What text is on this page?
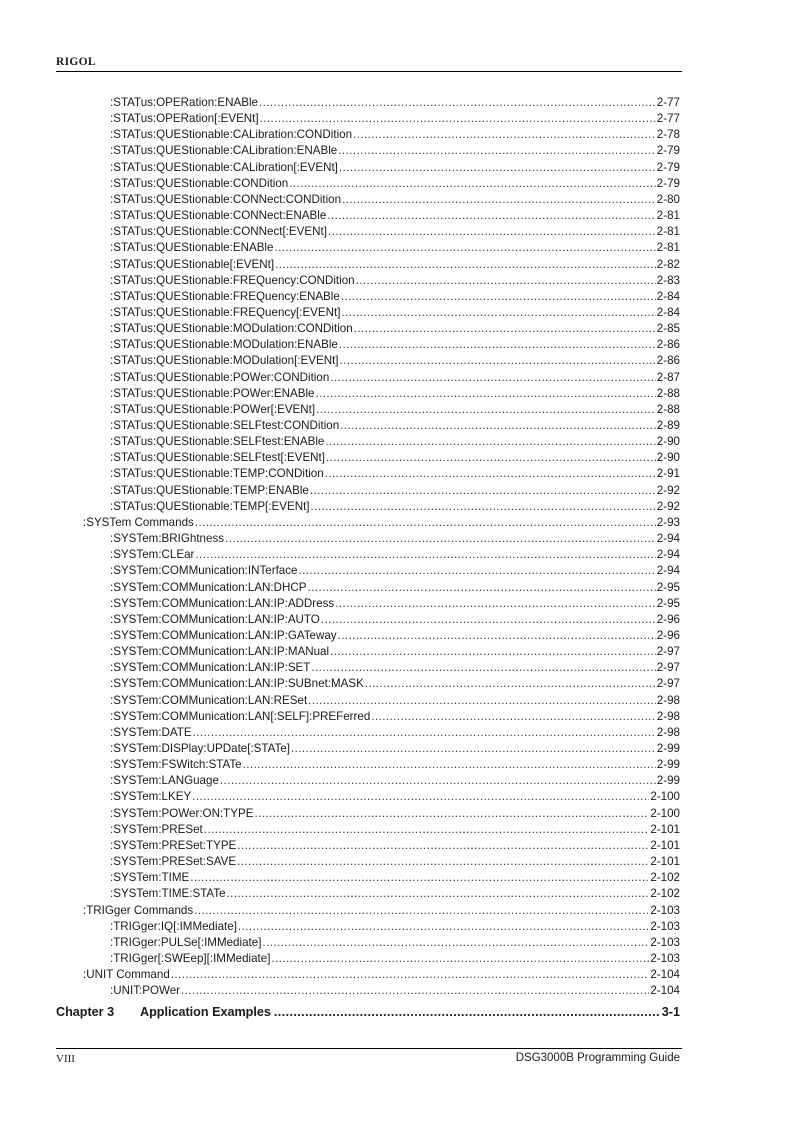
RIGOL
:STATus:OPERation:ENABle . . .	2-77
:STATus:OPERation[:EVENt] . . .	2-77
:STATus:QUEStionable:CALibration:CONDition . . .	2-78
:STATus:QUEStionable:CALibration:ENABle . . .	2-79
:STATus:QUEStionable:CALibration[:EVENt] . . .	2-79
:STATus:QUEStionable:CONDition . . .	2-79
:STATus:QUEStionable:CONNect:CONDition . . .	2-80
:STATus:QUEStionable:CONNect:ENABle . . .	2-81
:STATus:QUEStionable:CONNect[:EVENt] . . .	2-81
:STATus:QUEStionable:ENABle . . .	2-81
:STATus:QUEStionable[:EVENt] . . .	2-82
:STATus:QUEStionable:FREQuency:CONDition . . .	2-83
:STATus:QUEStionable:FREQuency:ENABle . . .	2-84
:STATus:QUEStionable:FREQuency[:EVENt] . . .	2-84
:STATus:QUEStionable:MODulation:CONDition . . .	2-85
:STATus:QUEStionable:MODulation:ENABle . . .	2-86
:STATus:QUEStionable:MODulation[:EVENt] . . .	2-86
:STATus:QUEStionable:POWer:CONDition . . .	2-87
:STATus:QUEStionable:POWer:ENABle . . .	2-88
:STATus:QUEStionable:POWer[:EVENt] . . .	2-88
:STATus:QUEStionable:SELFtest:CONDition . . .	2-89
:STATus:QUEStionable:SELFtest:ENABle . . .	2-90
:STATus:QUEStionable:SELFtest[:EVENt] . . .	2-90
:STATus:QUEStionable:TEMP:CONDition . . .	2-91
:STATus:QUEStionable:TEMP:ENABle . . .	2-92
:STATus:QUEStionable:TEMP[:EVENt] . . .	2-92
:SYSTem Commands . . .	2-93
:SYSTem:BRIGhtness . . .	2-94
:SYSTem:CLEar . . .	2-94
:SYSTem:COMMunication:INTerface . . .	2-94
:SYSTem:COMMunication:LAN:DHCP . . .	2-95
:SYSTem:COMMunication:LAN:IP:ADDress . . .	2-95
:SYSTem:COMMunication:LAN:IP:AUTO . . .	2-96
:SYSTem:COMMunication:LAN:IP:GATeway . . .	2-96
:SYSTem:COMMunication:LAN:IP:MANual . . .	2-97
:SYSTem:COMMunication:LAN:IP:SET . . .	2-97
:SYSTem:COMMunication:LAN:IP:SUBnet:MASK . . .	2-97
:SYSTem:COMMunication:LAN:RESet . . .	2-98
:SYSTem:COMMunication:LAN[:SELF]:PREFerred . . .	2-98
:SYSTem:DATE . . .	2-98
:SYSTem:DISPlay:UPDate[:STATe] . . .	2-99
:SYSTem:FSWitch:STATe . . .	2-99
:SYSTem:LANGuage . . .	2-99
:SYSTem:LKEY . . .	2-100
:SYSTem:POWer:ON:TYPE . . .	2-100
:SYSTem:PRESet . . .	2-101
:SYSTem:PRESet:TYPE . . .	2-101
:SYSTem:PRESet:SAVE . . .	2-101
:SYSTem:TIME . . .	2-102
:SYSTem:TIME:STATe . . .	2-102
:TRIGger Commands . . .	2-103
:TRIGger:IQ[:IMMediate] . . .	2-103
:TRIGger:PULSe[:IMMediate] . . .	2-103
:TRIGger[:SWEep][:IMMediate] . . .	2-103
:UNIT Command . . .	2-104
:UNIT:POWer . . .	2-104
Chapter 3	Application Examples .....	3-1
VIII	DSG3000B Programming Guide
